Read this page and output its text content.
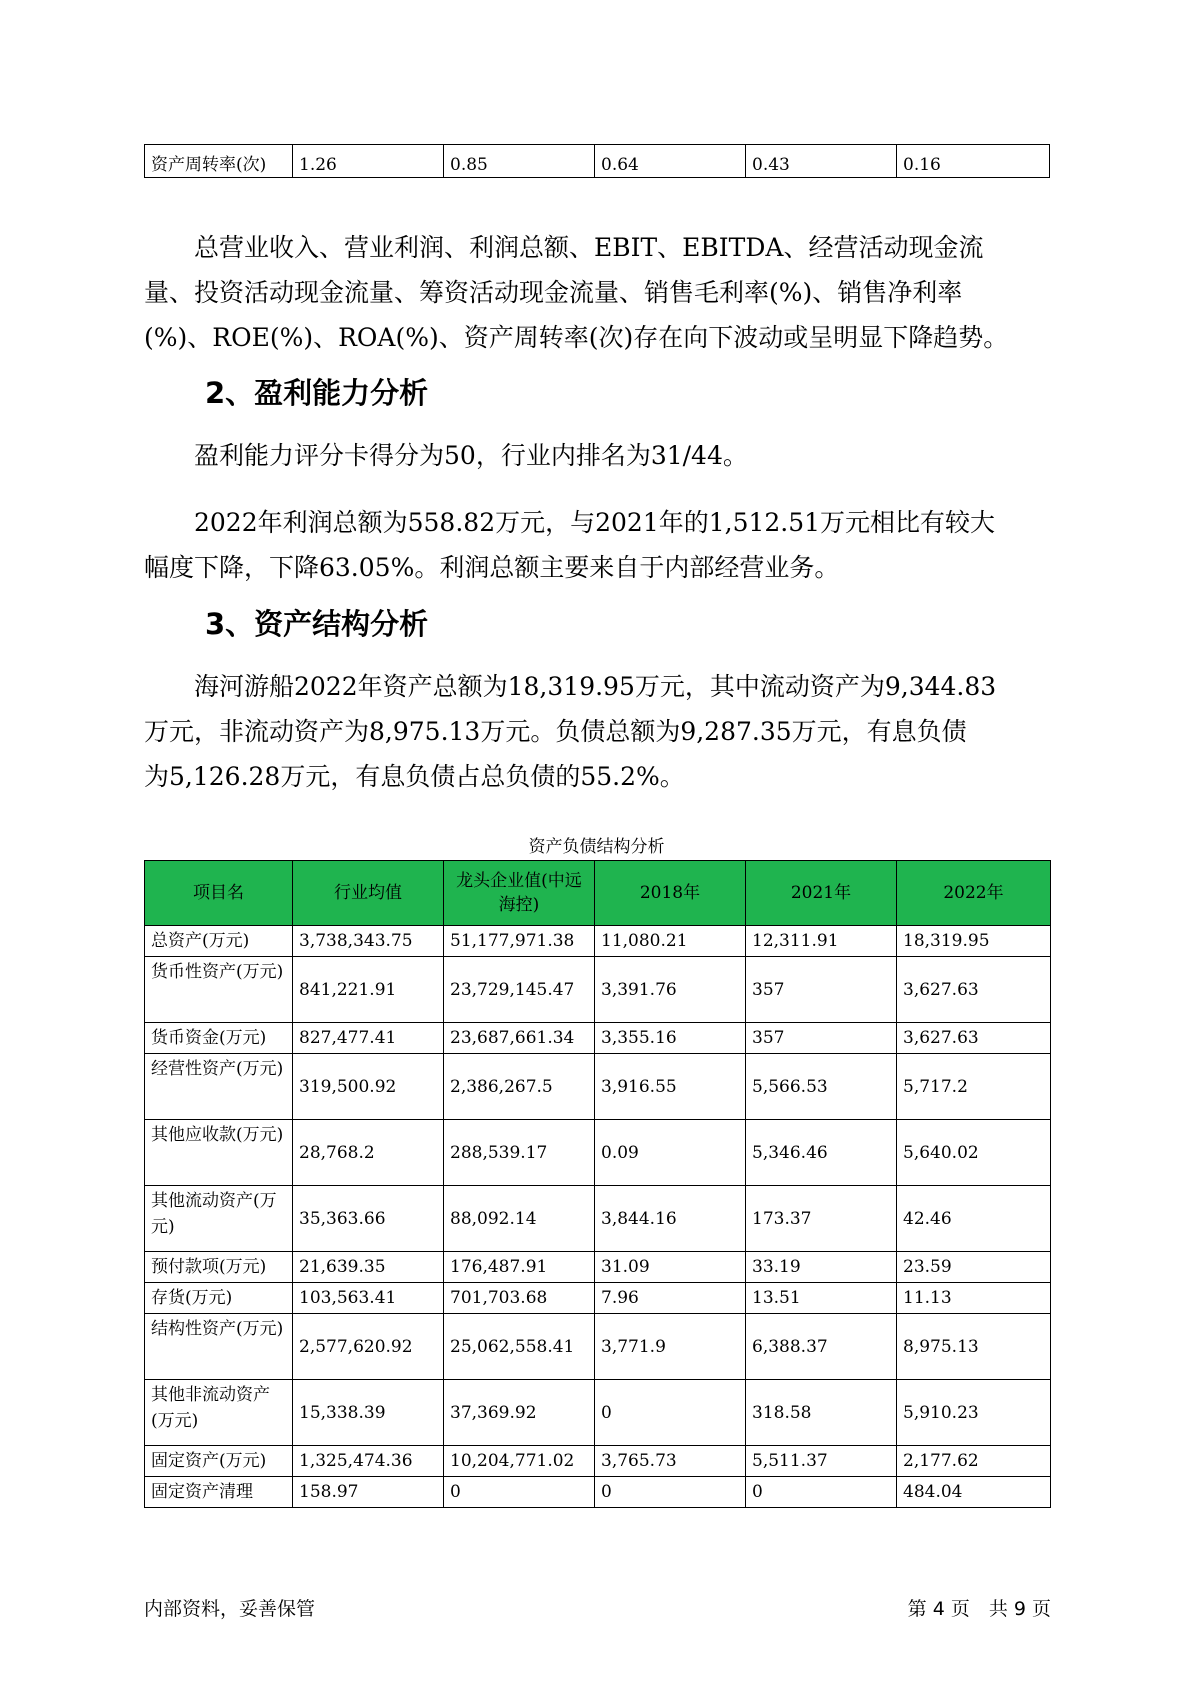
资产周转率(次)	1.26	0.85	0.64	0.43	0.16
　　总营业收入、营业利润、利润总额、EBIT、EBITDA、经营活动现金流
量、投资活动现金流量、筹资活动现金流量、销售毛利率(%)、销售净利率
(%)、ROE(%)、ROA(%)、资产周转率(次)存在向下波动或呈明显下降趋势。
2、盈利能力分析
　　盈利能力评分卡得分为50，行业内排名为31/44。
　　2022年利润总额为558.82万元，与2021年的1,512.51万元相比有较大
幅度下降，下降63.05%。利润总额主要来自于内部经营业务。
3、资产结构分析
　　海河游船2022年资产总额为18,319.95万元，其中流动资产为9,344.83
万元，非流动资产为8,975.13万元。负债总额为9,287.35万元，有息负债
为5,126.28万元，有息负债占总负债的55.2%。
资产负债结构分析
项目名	行业均值	龙头企业值(中远海控)	2018年	2021年	2022年
总资产(万元)	3,738,343.75	51,177,971.38	11,080.21	12,311.91	18,319.95
货币性资产(万元)	841,221.91	23,729,145.47	3,391.76	357	3,627.63
货币资金(万元)	827,477.41	23,687,661.34	3,355.16	357	3,627.63
经营性资产(万元)	319,500.92	2,386,267.5	3,916.55	5,566.53	5,717.2
其他应收款(万元)	28,768.2	288,539.17	0.09	5,346.46	5,640.02
其他流动资产(万元)	35,363.66	88,092.14	3,844.16	173.37	42.46
预付款项(万元)	21,639.35	176,487.91	31.09	33.19	23.59
存货(万元)	103,563.41	701,703.68	7.96	13.51	11.13
结构性资产(万元)	2,577,620.92	25,062,558.41	3,771.9	6,388.37	8,975.13
其他非流动资产(万元)	15,338.39	37,369.92	0	318.58	5,910.23
固定资产(万元)	1,325,474.36	10,204,771.02	3,765.73	5,511.37	2,177.62
固定资产清理	158.97	0	0	0	484.04
内部资料，妥善保管	第 4 页　共 9 页
